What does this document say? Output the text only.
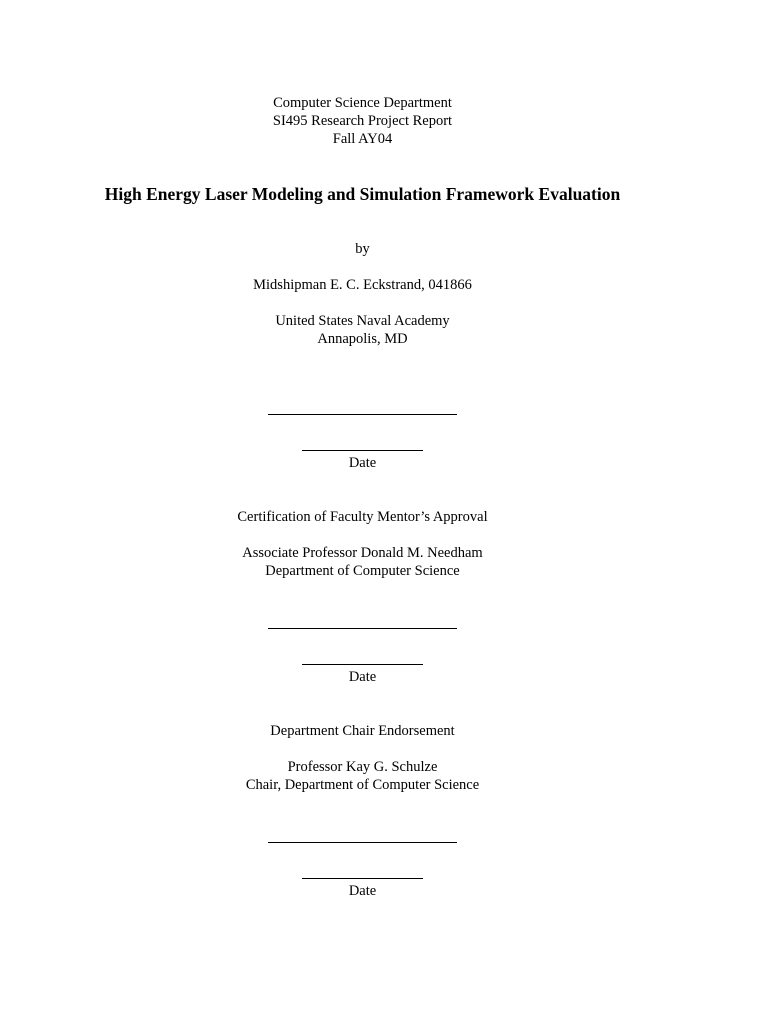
Computer Science Department
SI495 Research Project Report
Fall AY04
High Energy Laser Modeling and Simulation Framework Evaluation
by
Midshipman E. C. Eckstrand, 041866
United States Naval Academy
Annapolis, MD
Date
Certification of Faculty Mentor’s Approval
Associate Professor Donald M. Needham
Department of Computer Science
Date
Department Chair Endorsement
Professor Kay G. Schulze
Chair, Department of Computer Science
Date
